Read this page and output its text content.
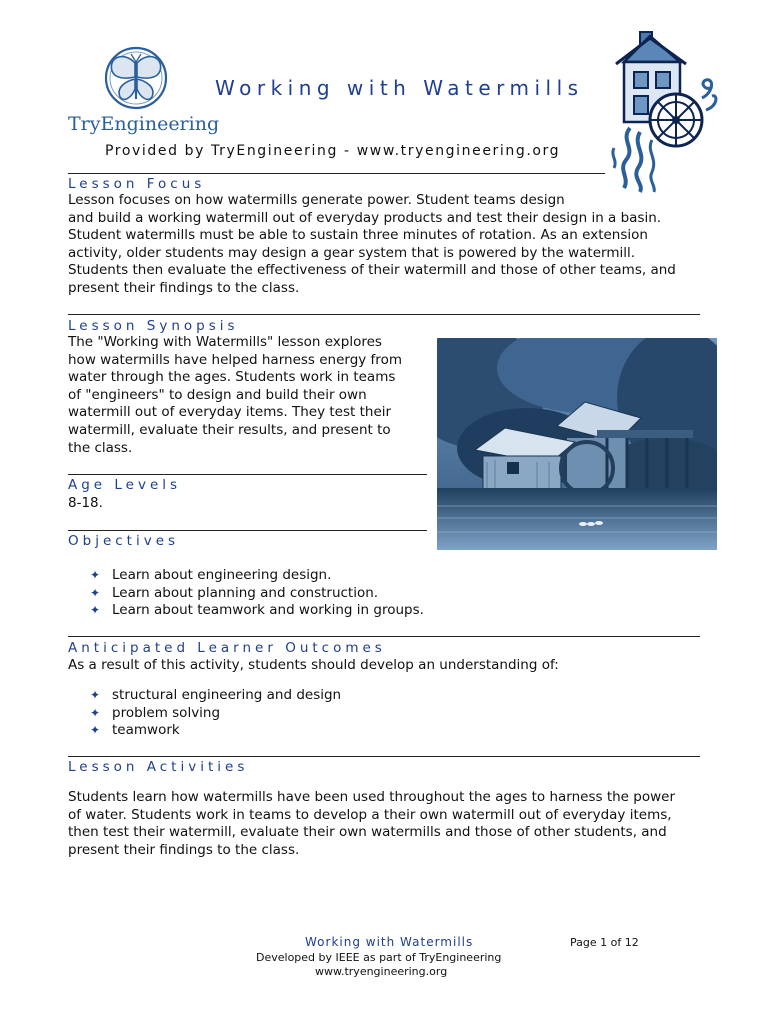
TryEngineering
Working with Watermills
Provided by TryEngineering - www.tryengineering.org
Lesson Focus
Lesson focuses on how watermills generate power. Student teams design
and build a working watermill out of everyday products and test their design in a basin.
Student watermills must be able to sustain three minutes of rotation. As an extension
activity, older students may design a gear system that is powered by the watermill.
Students then evaluate the effectiveness of their watermill and those of other teams, and
present their findings to the class.
Lesson Synopsis
The "Working with Watermills" lesson explores
how watermills have helped harness energy from
water through the ages. Students work in teams
of "engineers" to design and build their own
watermill out of everyday items. They test their
watermill, evaluate their results, and present to
the class.
Age Levels
8-18.
Objectives
✦ Learn about engineering design.
✦ Learn about planning and construction.
✦ Learn about teamwork and working in groups.
Anticipated Learner Outcomes
As a result of this activity, students should develop an understanding of:
✦ structural engineering and design
✦ problem solving
✦ teamwork
Lesson Activities
Students learn how watermills have been used throughout the ages to harness the power
of water. Students work in teams to develop a their own watermill out of everyday items,
then test their watermill, evaluate their own watermills and those of other students, and
present their findings to the class.
Working with Watermills	Page 1 of 12
Developed by IEEE as part of TryEngineering
www.tryengineering.org
